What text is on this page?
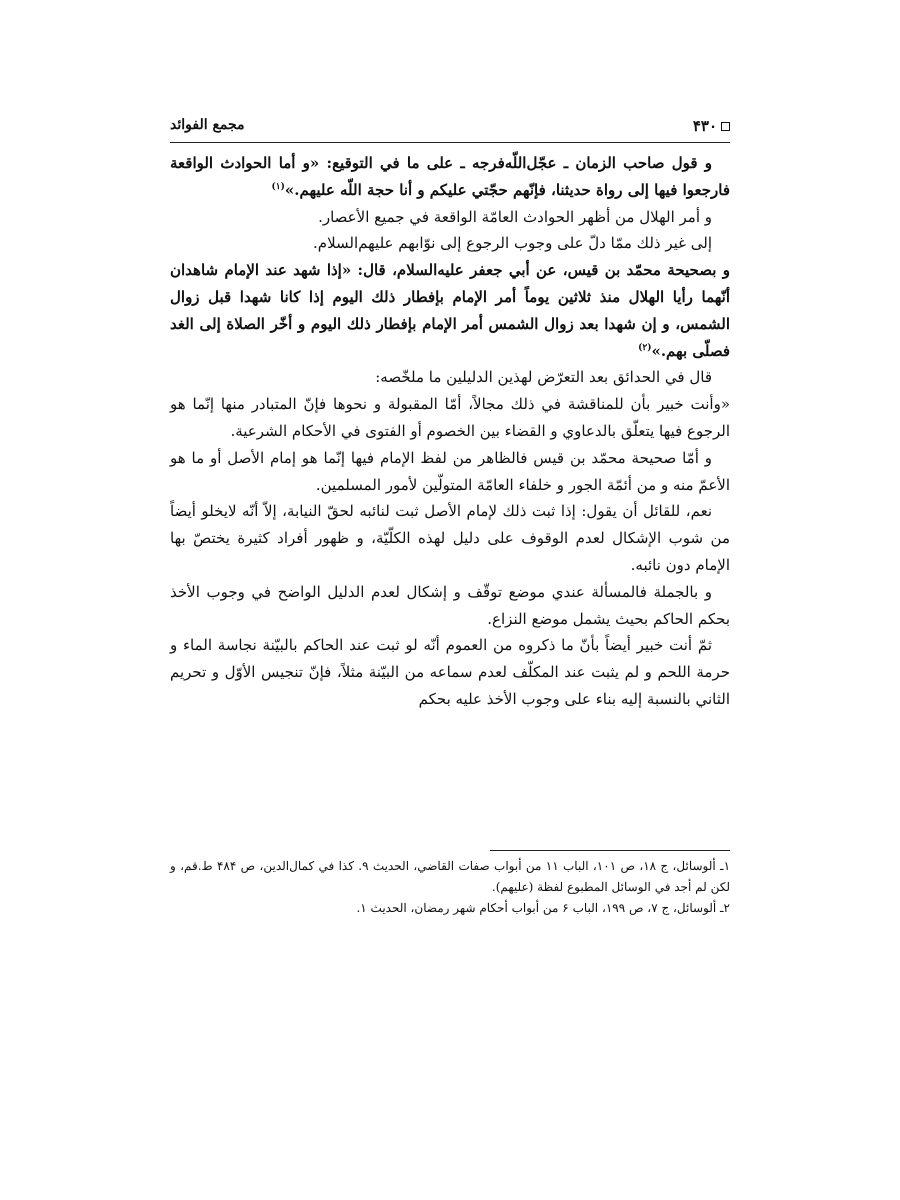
۴۳۰
مجمع الفوائد

و قول صاحب الزمان ـ عجّل‌اللّه‌فرجه ـ على ما في التوقيع: «و أما الحوادث الواقعة فارجعوا فيها إلى رواة حديثنا، فإنّهم حجّتي عليكم و أنا حجة اللّه عليهم.»$^{(١)}$

و أمر الهلال من أظهر الحوادث العامّة الواقعة في جميع الأعصار.

إلى غير ذلك ممّا دلّ على وجوب الرجوع إلى نوّابهم عليهم‌السلام.

و بصحيحة محمّد بن قيس، عن أبي جعفر عليه‌السلام، قال: «إذا شهد عند الإمام شاهدان أنّهما رأيا الهلال منذ ثلاثين يوماً أمر الإمام بإفطار ذلك اليوم إذا كانا شهدا قبل زوال الشمس، و إن شهدا بعد زوال الشمس أمر الإمام بإفطار ذلك اليوم و أخّر الصلاة إلى الغد فصلّى بهم.»$^{(٢)}$

قال في الحدائق بعد التعرّض لهذين الدليلين ما ملخّصه:

«وأنت خبير بأن للمناقشة في ذلك مجالاً، أمّا المقبولة و نحوها فإنّ المتبادر منها إنّما هو الرجوع فيها يتعلّق بالدعاوي و القضاء بين الخصوم أو الفتوى في الأحكام الشرعية.

و أمّا صحيحة محمّد بن قيس فالظاهر من لفظ الإمام فيها إنّما هو إمام الأصل أو ما هو الأعمّ منه و من أئمّة الجور و خلفاء العامّة المتولّين لأمور المسلمين.

نعم، للقائل أن يقول: إذا ثبت ذلك لإمام الأصل ثبت لنائبه لحقّ النيابة، إلاّ أنّه لايخلو أيضاً من شوب الإشكال لعدم الوقوف على دليل لهذه الكلّيّة، و ظهور أفراد كثيرة يختصّ بها الإمام دون نائبه.

و بالجملة فالمسألة عندي موضع توقّف و إشكال لعدم الدليل الواضح في وجوب الأخذ بحكم الحاكم بحيث يشمل موضع النزاع.

ثمّ أنت خبير أيضاً بأنّ ما ذكروه من العموم أنّه لو ثبت عند الحاكم بالبيّنة نجاسة الماء و حرمة اللحم و لم يثبت عند المكلّف لعدم سماعه من البيّنة مثلاً، فإنّ تنجيس الأوّل و تحريم الثاني بالنسبة إليه بناء على وجوب الأخذ عليه بحكم

١ـ ألوسائل، ج ١٨، ص ١٠١، الباب ١١ من أبواب صفات القاضي، الحديث ٩. كذا في كمال‌الدين، ص ۴٨۴ ط.قم، و لكن لم أجد في الوسائل المطبوع لفظة (عليهم).

٢ـ ألوسائل، ج ٧، ص ١٩٩، الباب ۶ من أبواب أحكام شهر رمضان، الحديث ١.
